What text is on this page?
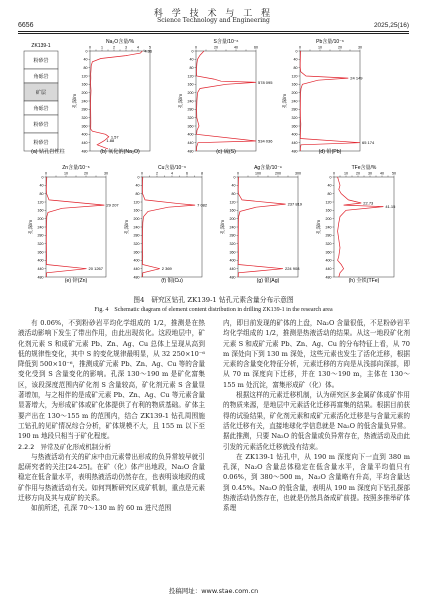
6656
科 学 技 术 与 工 程
Science Technology and Engineering
2025,25(16)
ZK139-1
粉砂岩
角砾岩
矿层
角砾岩
粉砂岩
粉砂岩
(a) 钻孔岩性柱
Na₂O含量/%
0	1	2	3	4	5
0
40
80
120
160
200
240
280
320
360
400
440
480
孔深/m
4.36
1.88
1.57
(b) 氧化钠(Na₂O)
S含量/10⁻⁶
0	20	40	60
0
40
80
120
160
200
240
280
320
360
400
440
480
孔深/m
578 095
534 036
(c) 硫(S)
Pb含量/10⁻⁶
0	10	20	30
0
40
80
120
160
200
240
280
320
360
400
440
480
孔深/m
24 149
65 174
(d) 铅(Pb)
Zn含量/10⁻⁶
0	10	20	30
0
40
80
120
160
200
240
280
320
360
400
440
480
孔深/m
29 207
20 1267
(e) 锌(Zn)
Cu含量/10⁻⁶
0	2	4	6	8
0
40
80
120
160
200
240
280
320
360
400
440
480
孔深/m
7 082
2 369
(f) 铜(Cu)
Ag含量/10⁻⁹
0	100	200	300
0
40
80
120
160
200
240
280
320
360
400
440
480
孔深/m
237 819
224 908
(g) 银(Ag)
TFe含量/%
0	10 20 30 40 50
0
40
80
120
160
200
240
280
320
360
400
440
480
孔深/m
22.73
41.15
(h) 全铁(TFe)
图4　研究区钻孔 ZK139-1 钻孔元素含量分布示意图
Fig. 4　Schematic diagram of element content distribution in drilling ZK139-1 in the research area

有 0.06%，不到粉砂岩平均化学组成的 1/2，推测是在热液活动影响下发生了带出作用，由此出现贫化。这段地层中，矿化剂元素 S 和成矿元素 Pb、Zn、Ag、Cu 总体上呈现从高到低的规律性变化，其中 S 的变化规律最明显，从 32 250×10⁻⁶降低到 500×10⁻⁶，推测成矿元素 Pb、Zn、Ag、Cu 等的含量变化受到 S 含量变化的影响。孔深 130～190 m 是矿化富集区，该段深度范围内矿化剂 S 含量较高，矿化剂元素 S 含量显著增加，与之相伴的是成矿元素 Pb、Zn、Ag、Cu 等元素含量显著增大，为形成矿体或矿化体提供了有利的物质基础。矿体主要产出在 130～155 m 的范围内，结合 ZK139-1 钻孔周围施工钻孔的见矿情况综合分析，矿体规模不大，且 155 m 以下至 190 m 地段只相当于矿化程度。

2.2.2　异常及矿化形成机制分析

与热液活动有关的矿床中由元素带出形成的负异常较早就引起研究者的关注[24-25]。在矿（化）体产出地段，Na₂O 含量稳定在低含量水平，表明热液活动仍然存在，也表明该地段的成矿作用与热液活动有关。如何判断研究区成矿机制，重点是元素迁移方向及其与成矿的关系。

如前所述，孔深 70～130 m 的 60 m 进尺范围

内，即目前发现的矿体的上盘，Na₂O 含量很低，不足粉砂岩平均化学组成的 1/2，推测是热液活动的结果。从这一地段矿化剂元素 S 和成矿元素 Pb、Zn、Ag、Cu 的分布特征上看，从 70 m 深处向下到 130 m 深处，这些元素也发生了活化迁移，根据元素的含量变化特征分析，元素迁移的方向是从浅部向深部，即从 70 m 深度向下迁移，并在 130～190 m，主体在 130～155 m 处沉淀，富集形成矿（化）体。

根据这样的元素迁移机制，认为研究区多金属矿体成矿作用的物质来源，是地层中元素活化迁移再富集的结果。根据目前获得的试验结果，矿化剂元素和成矿元素活化迁移是与含量元素的活化迁移有关，直接地球化学信息就是 Na₂O 的低含量负异常。据此推测，只要 Na₂O 的低含量或负异常存在，热液活动及由此引发的元素活化迁移就没有结束。

在 ZK139-1 钻孔中，从 190 m 深度向下一直到 380 m 孔深，Na₂O 含量总体稳定在低含量水平，含量平均值只有 0.06%，到 380～500 m，Na₂O 含量略有升高，平均含量达到 0.45%。Na₂O 的低含量，表明从 190 m 深度向下钻孔探部热液活动仍然存在，也就是仍然具备成矿前提。按照多推举矿体系理

投稿网址：www.stae.com.cn
